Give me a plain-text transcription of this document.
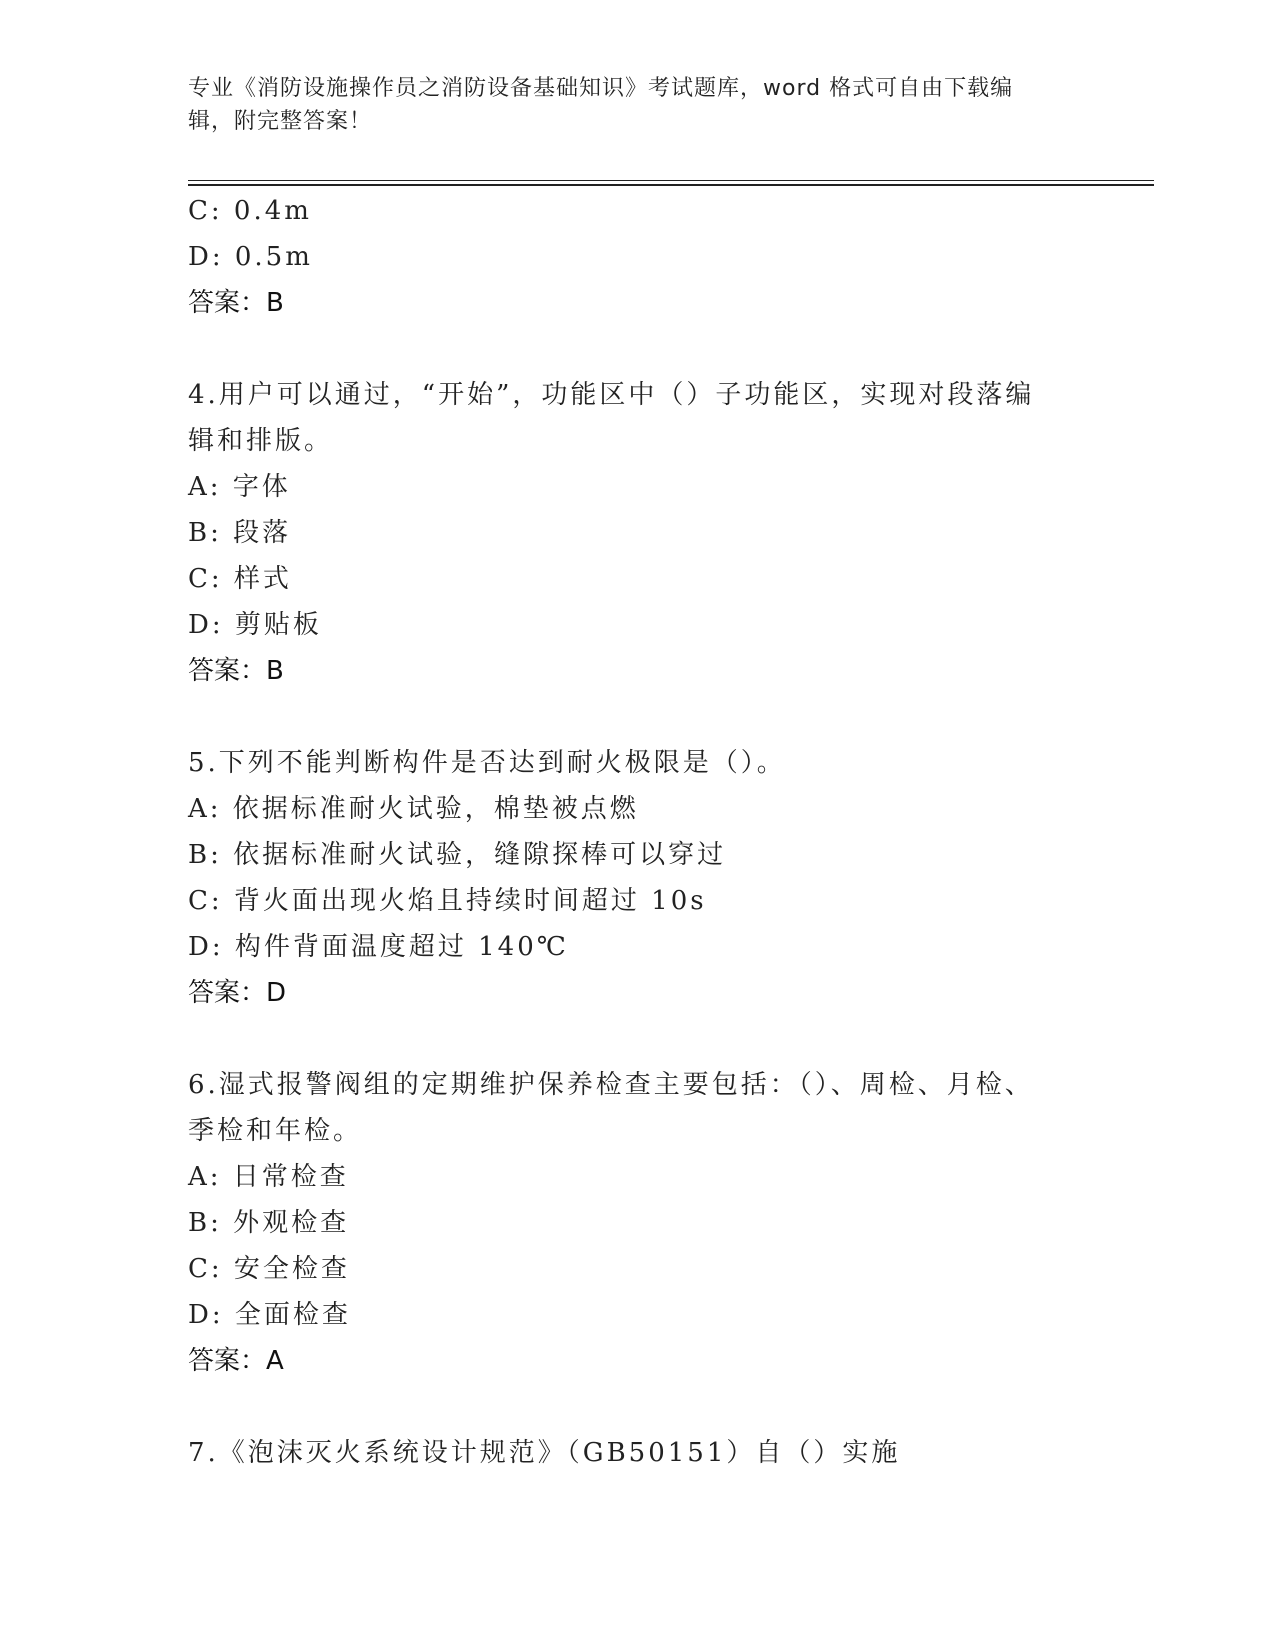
专业《消防设施操作员之消防设备基础知识》考试题库，word 格式可自由下载编
辑，附完整答案！
C: 0.4m
D: 0.5m
答案：B
4.用户可以通过，“开始”，功能区中（）子功能区，实现对段落编
辑和排版。
A: 字体
B: 段落
C: 样式
D: 剪贴板
答案：B
5.下列不能判断构件是否达到耐火极限是（）。
A: 依据标准耐火试验，棉垫被点燃
B: 依据标准耐火试验，缝隙探棒可以穿过
C: 背火面出现火焰且持续时间超过 10s
D: 构件背面温度超过 140℃
答案：D
6.湿式报警阀组的定期维护保养检查主要包括：（）、周检、月检、
季检和年检。
A: 日常检查
B: 外观检查
C: 安全检查
D: 全面检查
答案：A
7.《泡沫灭火系统设计规范》（GB50151）自（）实施
